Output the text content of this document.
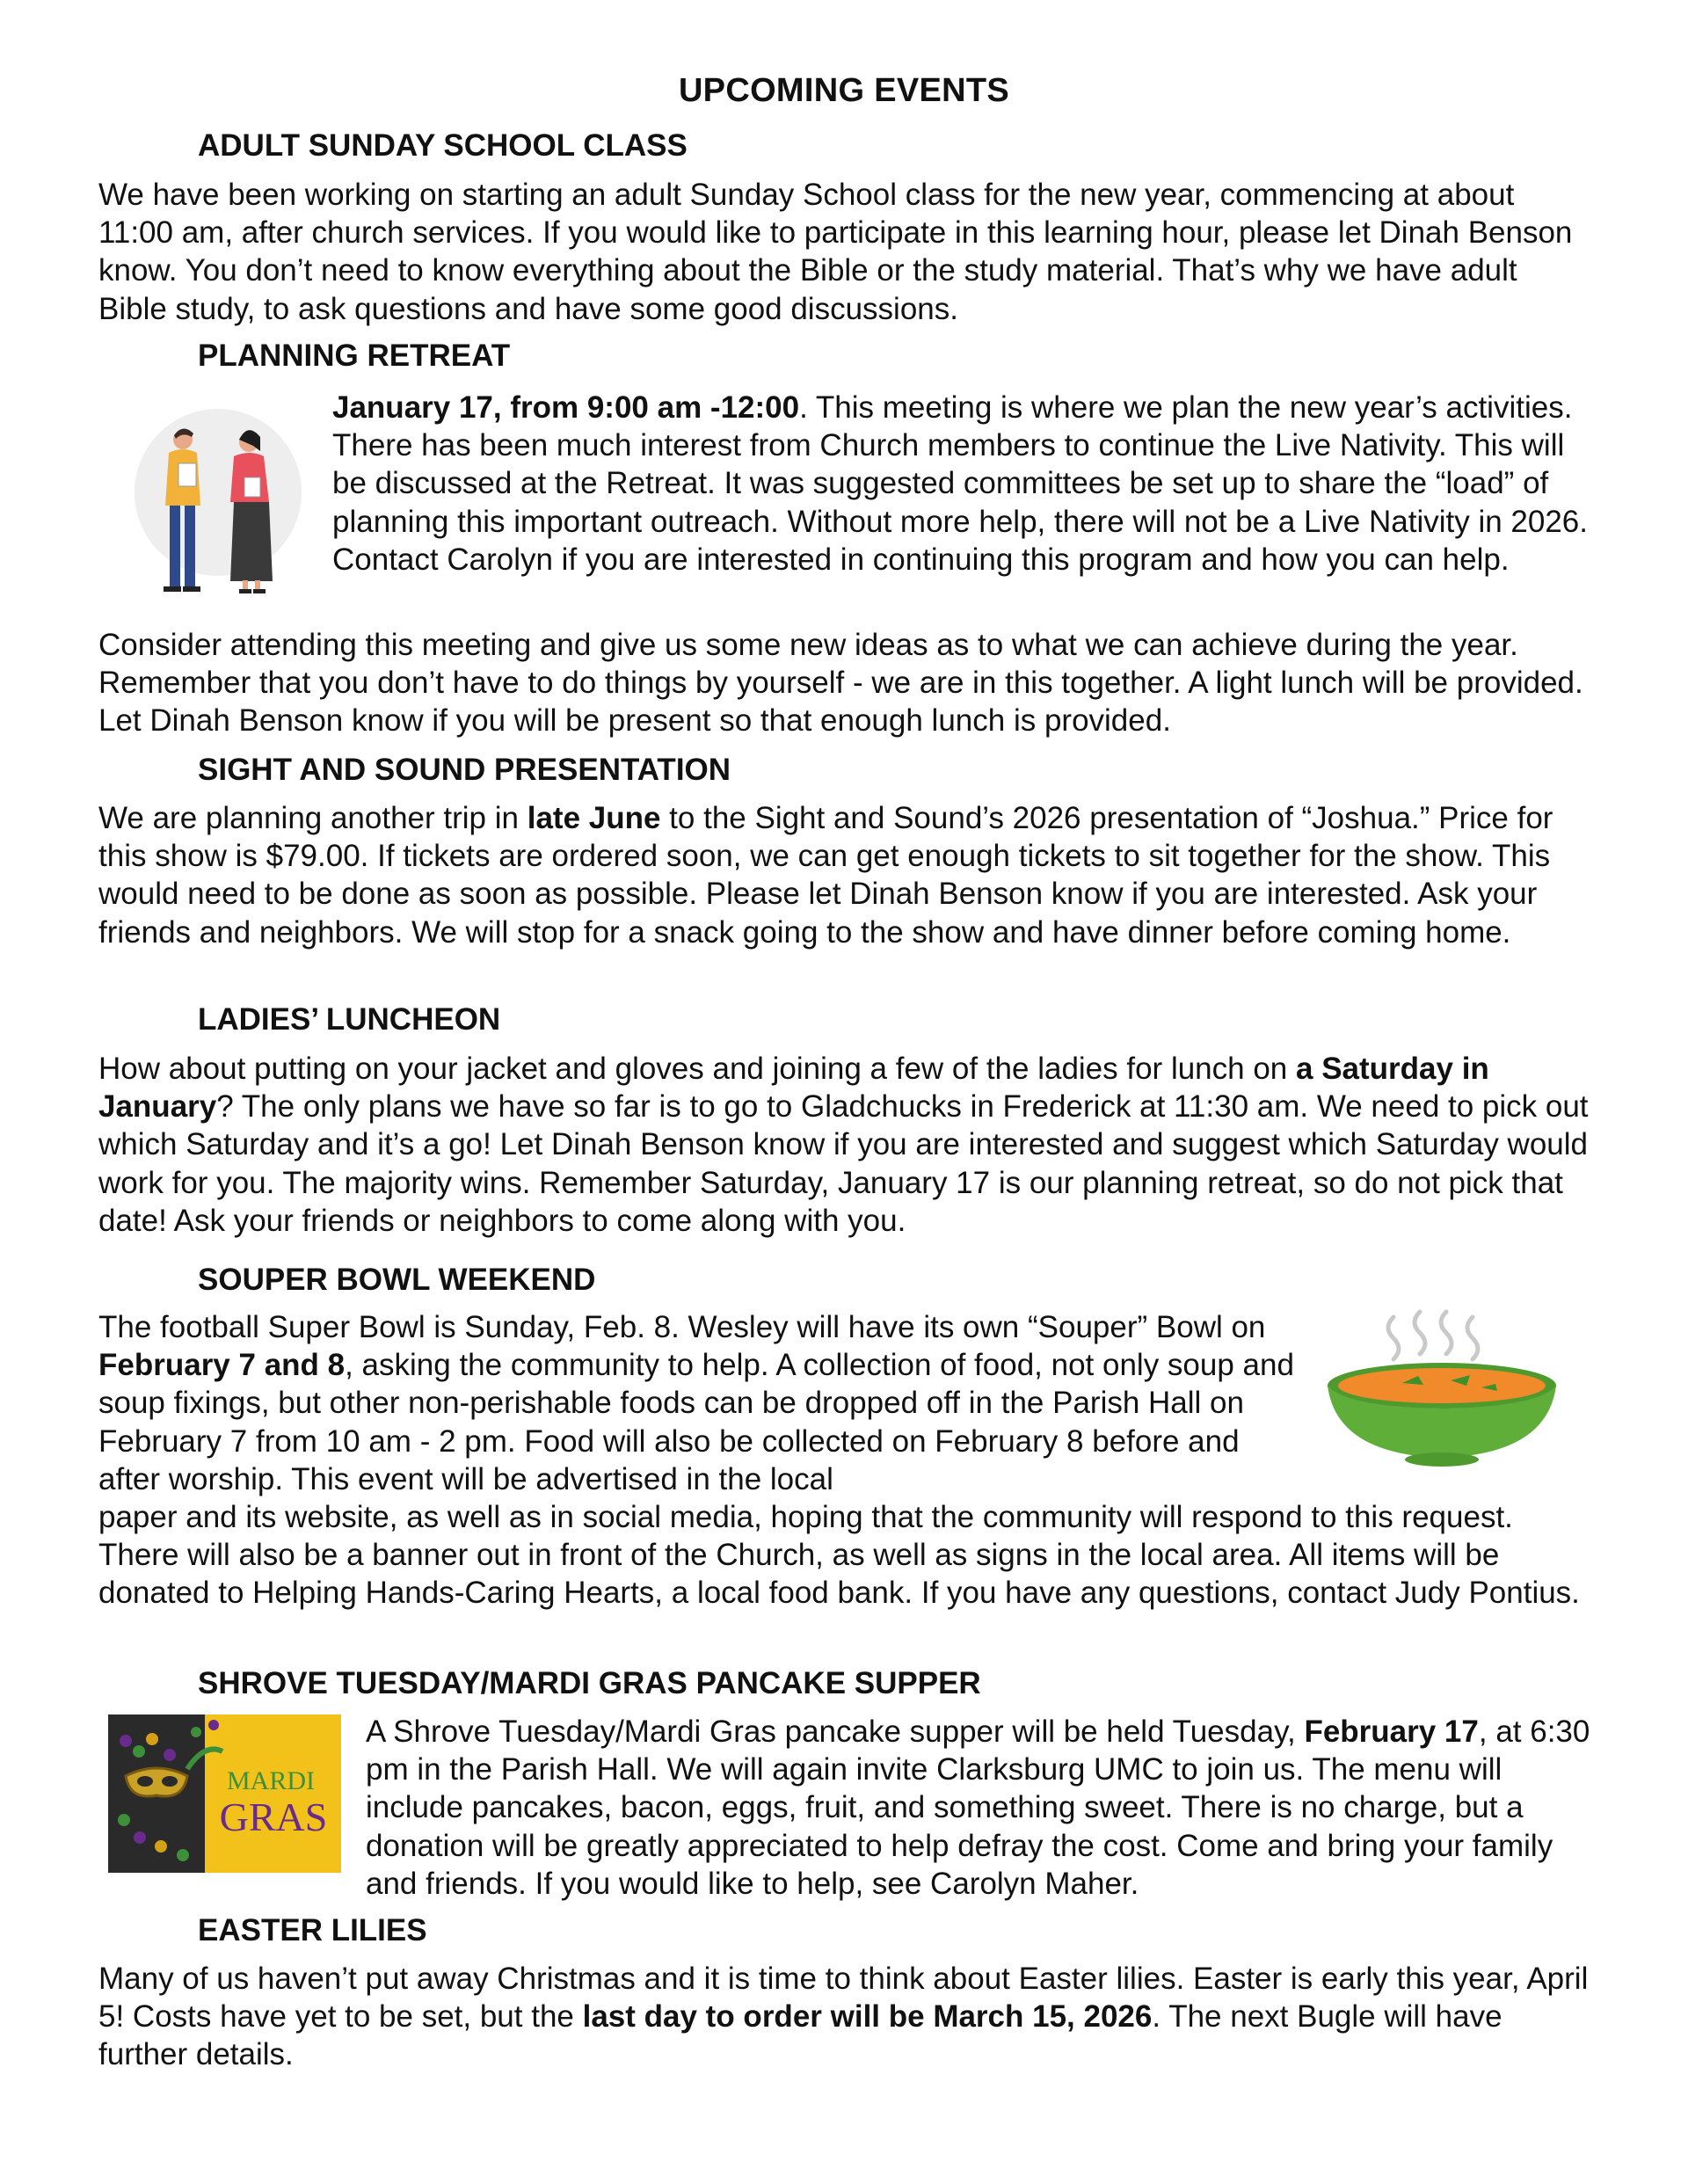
UPCOMING EVENTS
ADULT SUNDAY SCHOOL CLASS

We have been working on starting an adult Sunday School class for the new year, commencing at about 11:00 am, after church services. If you would like to participate in this learning hour, please let Dinah Benson know. You don’t need to know everything about the Bible or the study material. That’s why we have adult Bible study, to ask questions and have some good discussions.

PLANNING RETREAT

January 17, from 9:00 am -12:00. This meeting is where we plan the new year’s activities. There has been much interest from Church members to continue the Live Nativity. This will be discussed at the Retreat. It was suggested committees be set up to share the “load” of planning this important outreach. Without more help, there will not be a Live Nativity in 2026. Contact Carolyn if you are interested in continuing this program and how you can help.

Consider attending this meeting and give us some new ideas as to what we can achieve during the year. Remember that you don’t have to do things by yourself - we are in this together. A light lunch will be provided. Let Dinah Benson know if you will be present so that enough lunch is provided.

SIGHT AND SOUND PRESENTATION

We are planning another trip in late June to the Sight and Sound’s 2026 presentation of “Joshua.” Price for this show is $79.00. If tickets are ordered soon, we can get enough tickets to sit together for the show. This would need to be done as soon as possible. Please let Dinah Benson know if you are interested. Ask your friends and neighbors. We will stop for a snack going to the show and have dinner before coming home.

LADIES’ LUNCHEON

How about putting on your jacket and gloves and joining a few of the ladies for lunch on a Saturday in January? The only plans we have so far is to go to Gladchucks in Frederick at 11:30 am. We need to pick out which Saturday and it’s a go! Let Dinah Benson know if you are interested and suggest which Saturday would work for you. The majority wins. Remember Saturday, January 17 is our planning retreat, so do not pick that date! Ask your friends or neighbors to come along with you.

SOUPER BOWL WEEKEND

The football Super Bowl is Sunday, Feb. 8. Wesley will have its own “Souper” Bowl on February 7 and 8, asking the community to help. A collection of food, not only soup and soup fixings, but other non-perishable foods can be dropped off in the Parish Hall on February 7 from 10 am - 2 pm. Food will also be collected on February 8 before and after worship. This event will be advertised in the local

paper and its website, as well as in social media, hoping that the community will respond to this request. There will also be a banner out in front of the Church, as well as signs in the local area. All items will be donated to Helping Hands-Caring Hearts, a local food bank. If you have any questions, contact Judy Pontius.

SHROVE TUESDAY/MARDI GRAS PANCAKE SUPPER
MARDI
GRAS

A Shrove Tuesday/Mardi Gras pancake supper will be held Tuesday, February 17, at 6:30 pm in the Parish Hall. We will again invite Clarksburg UMC to join us. The menu will include pancakes, bacon, eggs, fruit, and something sweet. There is no charge, but a donation will be greatly appreciated to help defray the cost. Come and bring your family and friends. If you would like to help, see Carolyn Maher.

EASTER LILIES

Many of us haven’t put away Christmas and it is time to think about Easter lilies. Easter is early this year, April 5! Costs have yet to be set, but the last day to order will be March 15, 2026. The next Bugle will have further details.
